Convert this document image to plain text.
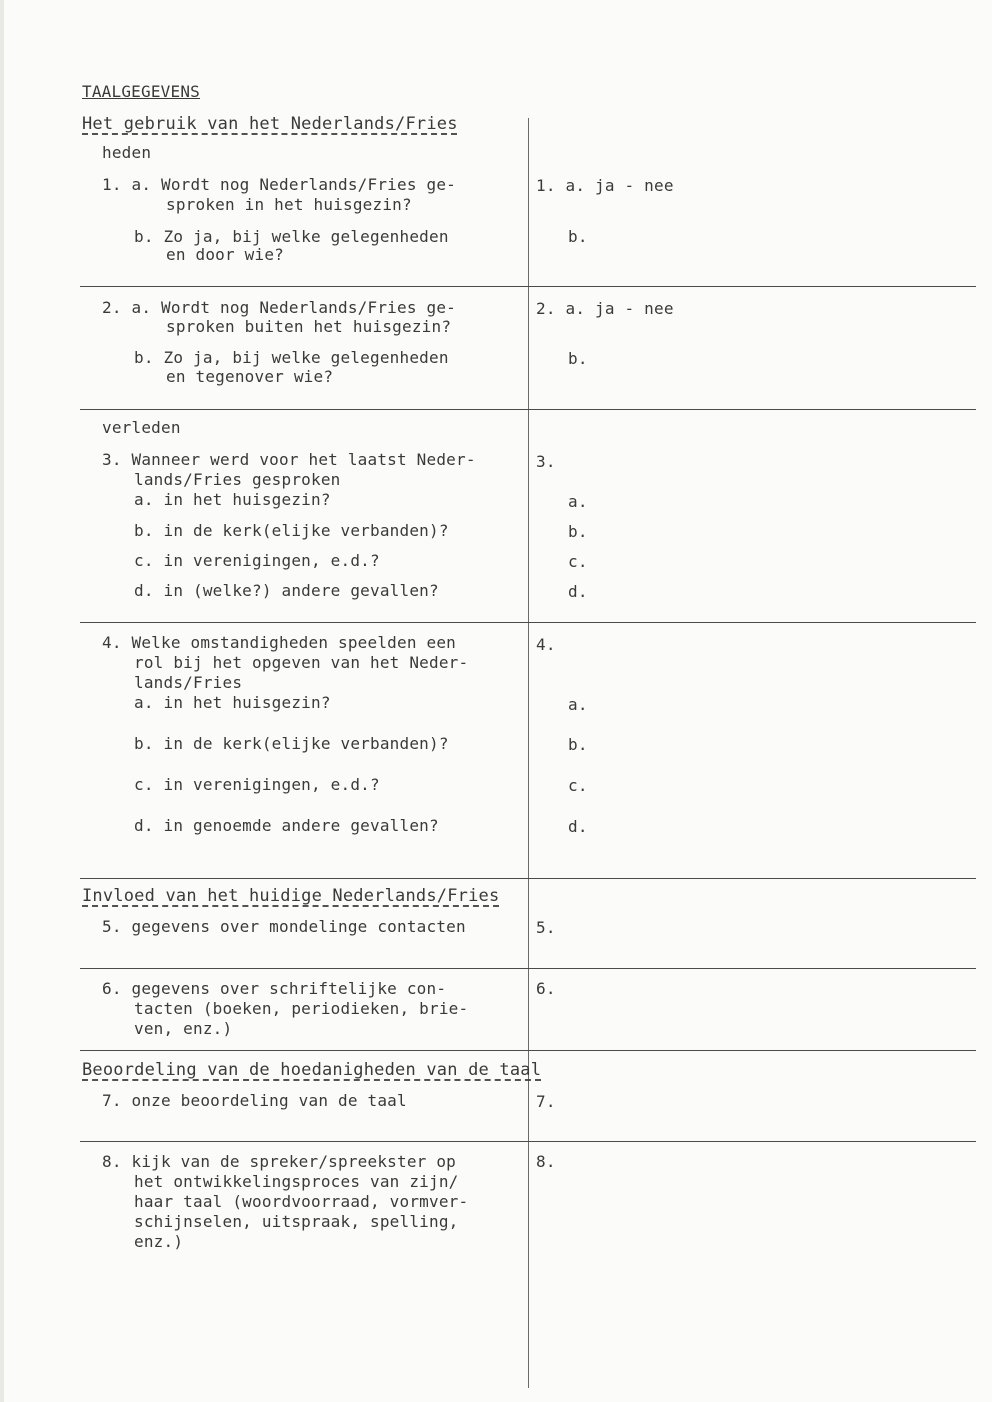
TAALGEGEVENS
Het gebruik van het Nederlands/Fries
heden
1. a. Wordt nog Nederlands/Fries ge-
sproken in het huisgezin?
b. Zo ja, bij welke gelegenheden
en door wie?
1. a. ja - nee
b.
2. a. Wordt nog Nederlands/Fries ge-
sproken buiten het huisgezin?
b. Zo ja, bij welke gelegenheden
en tegenover wie?
2. a. ja - nee
b.
verleden
3. Wanneer werd voor het laatst Neder-
lands/Fries gesproken
a. in het huisgezin?
b. in de kerk(elijke verbanden)?
c. in verenigingen, e.d.?
d. in (welke?) andere gevallen?
3.
a.
b.
c.
d.
4. Welke omstandigheden speelden een
rol bij het opgeven van het Neder-
lands/Fries
a. in het huisgezin?
b. in de kerk(elijke verbanden)?
c. in verenigingen, e.d.?
d. in genoemde andere gevallen?
4.
a.
b.
c.
d.
Invloed van het huidige Nederlands/Fries
5. gegevens over mondelinge contacten	5.
6. gegevens over schriftelijke con-
tacten (boeken, periodieken, brie-
ven, enz.)
6.
Beoordeling van de hoedanigheden van de taal
7. onze beoordeling van de taal	7.
8. kijk van de spreker/spreekster op
het ontwikkelingsproces van zijn/
haar taal (woordvoorraad, vormver-
schijnselen, uitspraak, spelling,
enz.)
8.
